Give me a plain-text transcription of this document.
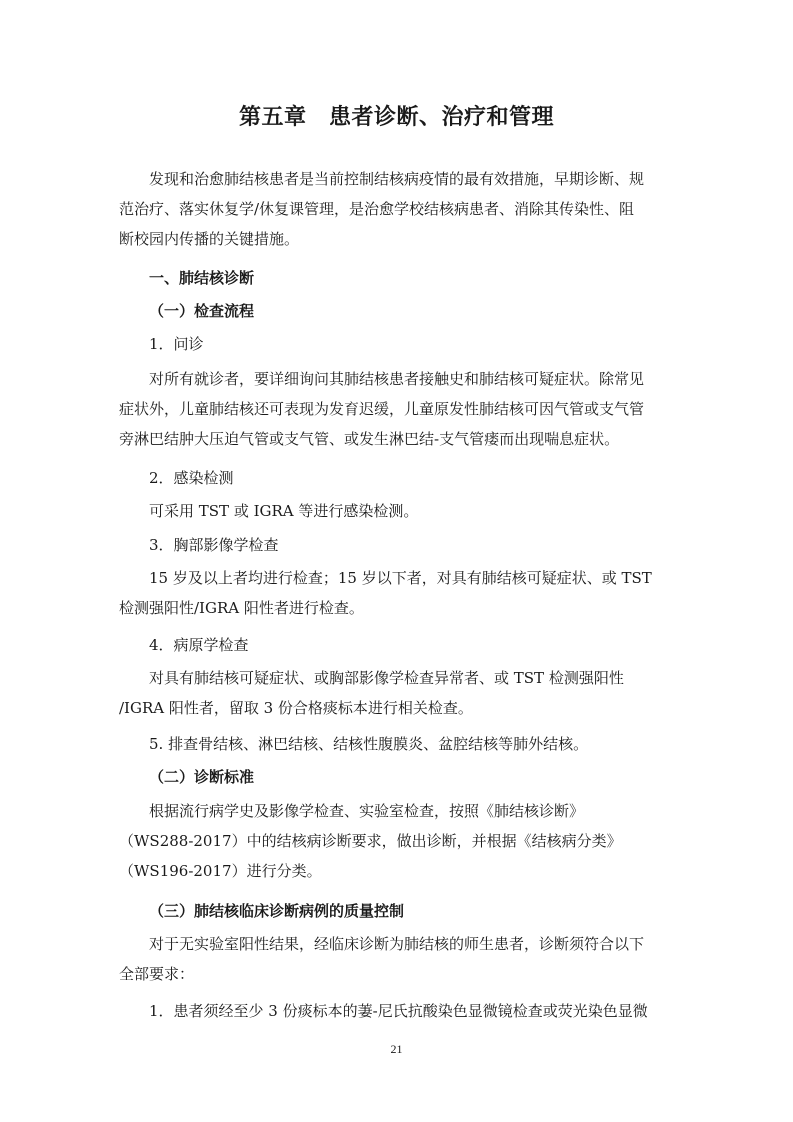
第五章　患者诊断、治疗和管理
发现和治愈肺结核患者是当前控制结核病疫情的最有效措施，早期诊断、规
范治疗、落实休复学/休复课管理，是治愈学校结核病患者、消除其传染性、阻
断校园内传播的关键措施。
一、肺结核诊断
（一）检查流程
1．问诊
对所有就诊者，要详细询问其肺结核患者接触史和肺结核可疑症状。除常见
症状外，儿童肺结核还可表现为发育迟缓，儿童原发性肺结核可因气管或支气管
旁淋巴结肿大压迫气管或支气管、或发生淋巴结-支气管瘘而出现喘息症状。
2．感染检测
可采用 TST 或 IGRA 等进行感染检测。
3．胸部影像学检查
15 岁及以上者均进行检查；15 岁以下者，对具有肺结核可疑症状、或 TST
检测强阳性/IGRA 阳性者进行检查。
4．病原学检查
对具有肺结核可疑症状、或胸部影像学检查异常者、或 TST 检测强阳性
/IGRA 阳性者，留取 3 份合格痰标本进行相关检查。
5. 排查骨结核、淋巴结核、结核性腹膜炎、盆腔结核等肺外结核。
（二）诊断标准
根据流行病学史及影像学检查、实验室检查，按照《肺结核诊断》
（WS288-2017）中的结核病诊断要求，做出诊断，并根据《结核病分类》
（WS196-2017）进行分类。
（三）肺结核临床诊断病例的质量控制
对于无实验室阳性结果，经临床诊断为肺结核的师生患者，诊断须符合以下
全部要求：
1．患者须经至少 3 份痰标本的萋-尼氏抗酸染色显微镜检查或荧光染色显微
21
